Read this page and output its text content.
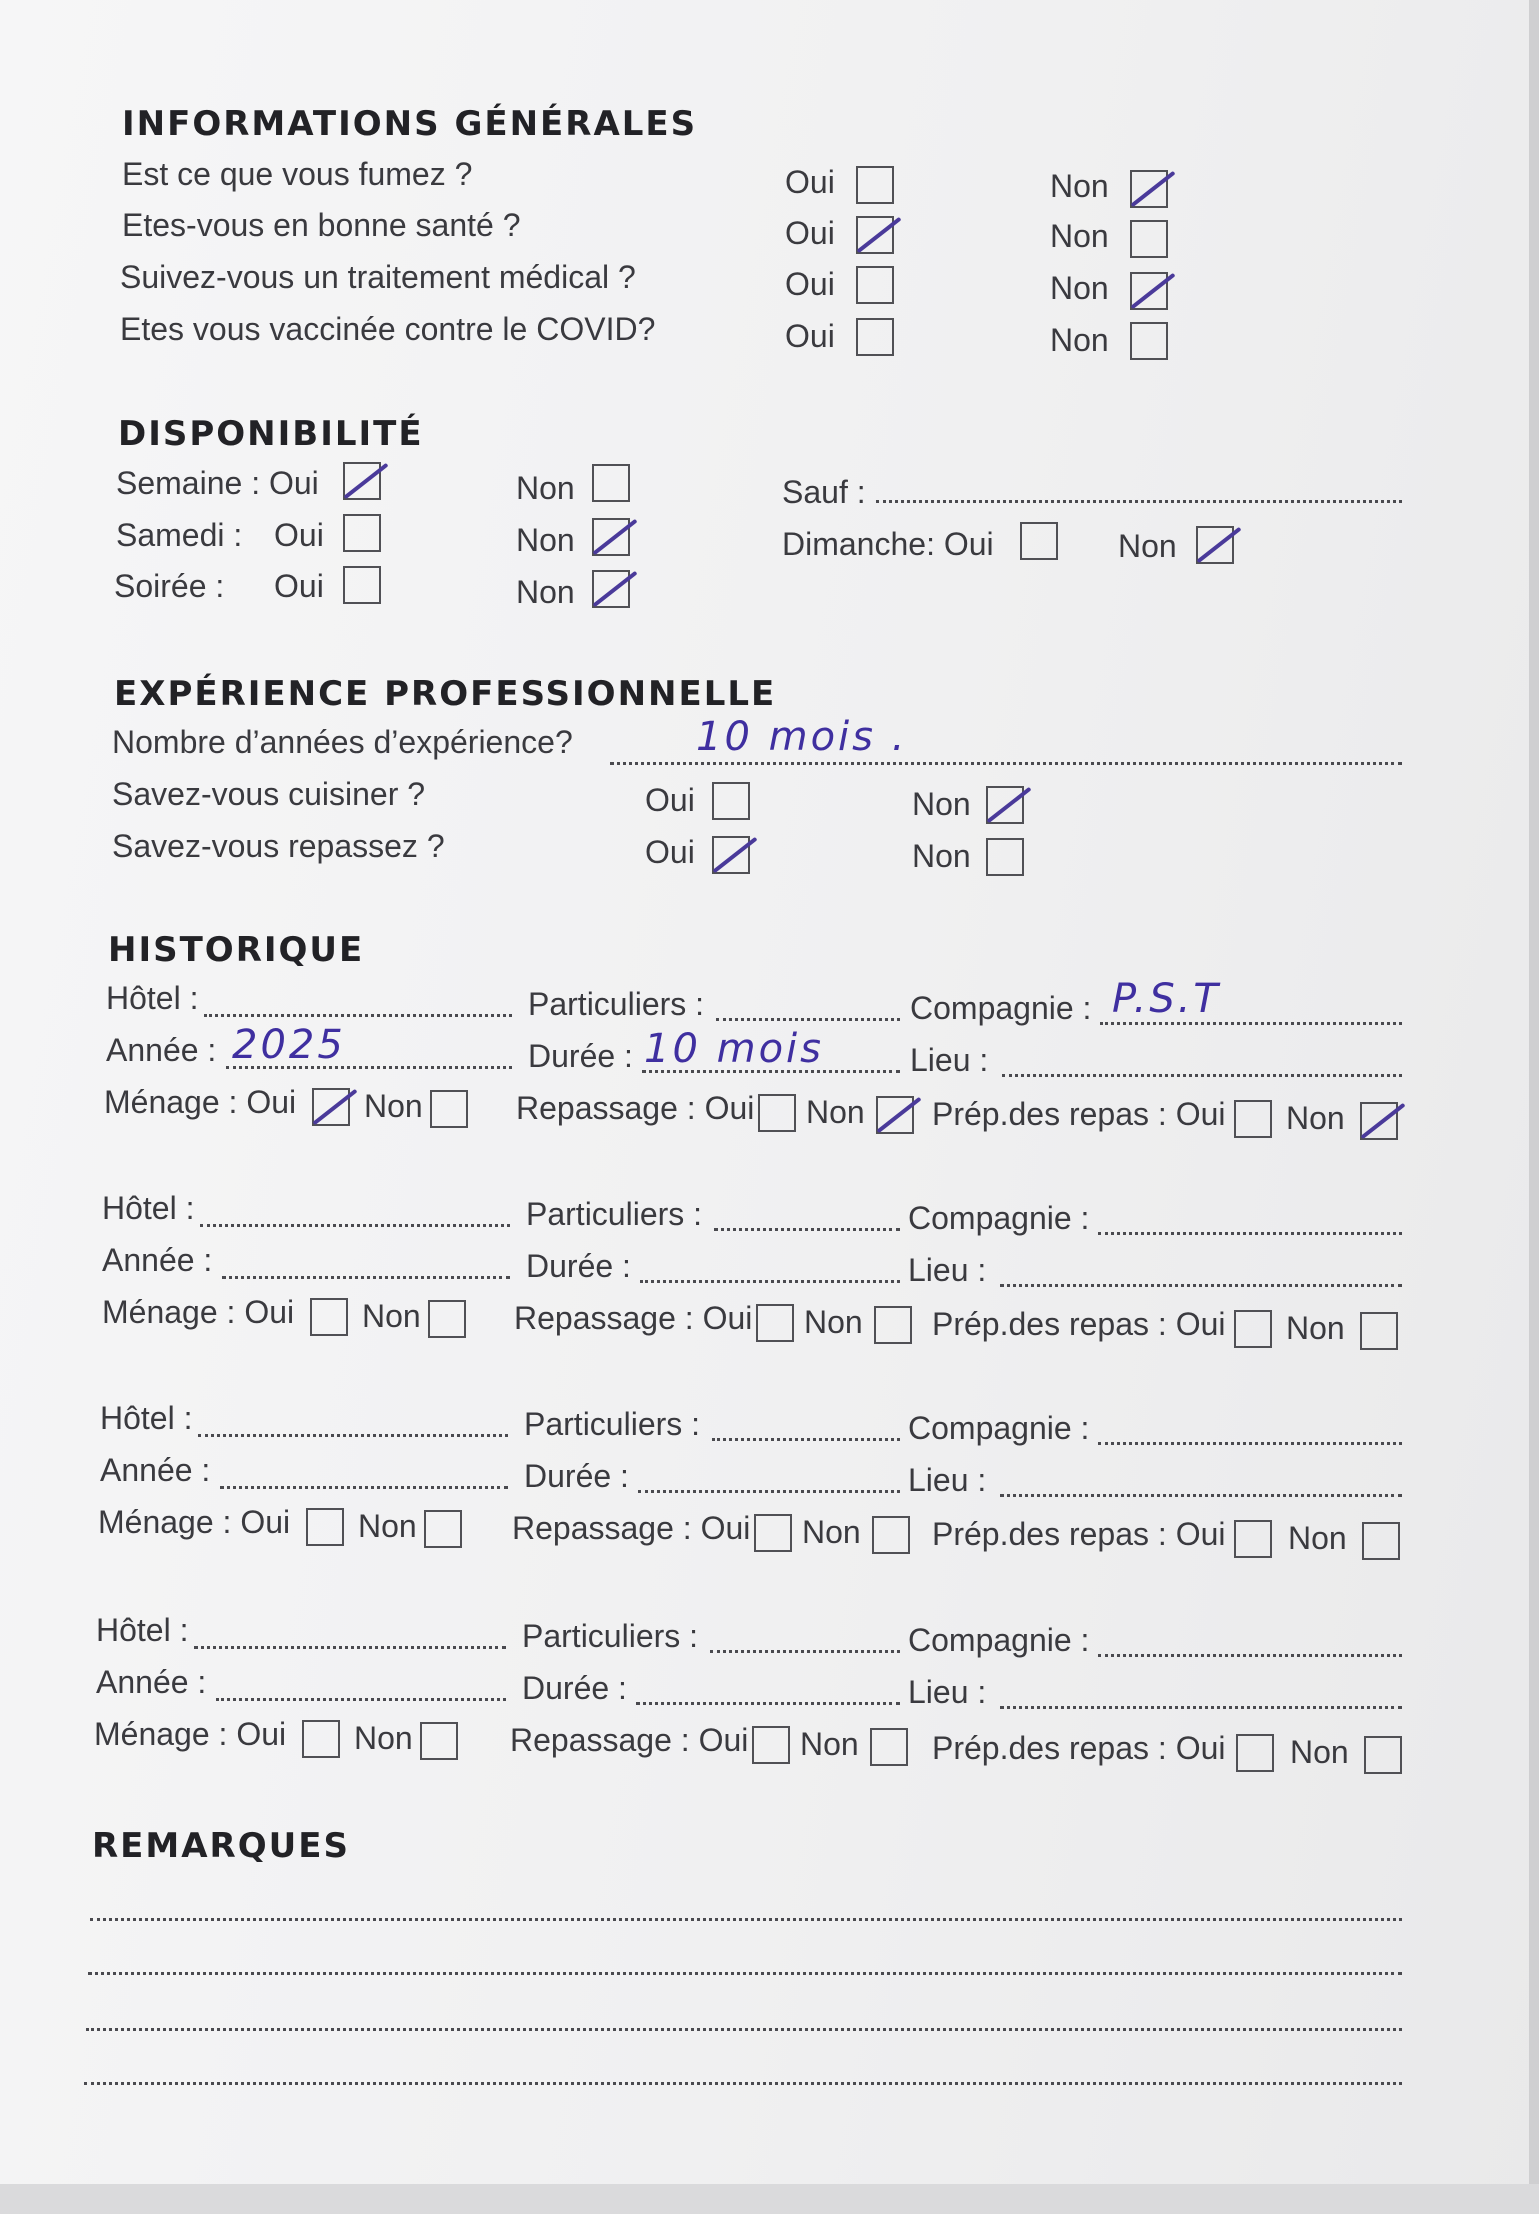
INFORMATIONS GÉNÉRALES
Est ce que vous fumez ?	Oui	Non
Etes-vous en bonne santé ?	Oui	Non
Suivez-vous un traitement médical ?	Oui	Non
Etes vous vaccinée contre le COVID?	Oui	Non
DISPONIBILITÉ
Semaine : Oui	Non	Sauf :
Samedi : Oui	Non	Dimanche: Oui	Non
Soirée : Oui	Non
EXPÉRIENCE PROFESSIONNELLE
Nombre d’années d’expérience?	10 mois .
Savez-vous cuisiner ?	Oui	Non
Savez-vous repassez ?	Oui	Non
HISTORIQUE
Hôtel :	Particuliers :	Compagnie : P.S.T
Année : 2025	Durée : 10 mois	Lieu :
Ménage : Oui Non	Repassage : Oui Non Prép.des repas : Oui Non
Hôtel :	Particuliers :	Compagnie :
Année :	Durée :	Lieu :
Ménage : Oui Non	Repassage : Oui Non Prép.des repas : Oui Non
Hôtel :	Particuliers :	Compagnie :
Année :	Durée :	Lieu :
Ménage : Oui Non	Repassage : Oui Non Prép.des repas : Oui Non
Hôtel :	Particuliers :	Compagnie :
Année :	Durée :	Lieu :
Ménage : Oui Non	Repassage : Oui Non Prép.des repas : Oui Non
REMARQUES
